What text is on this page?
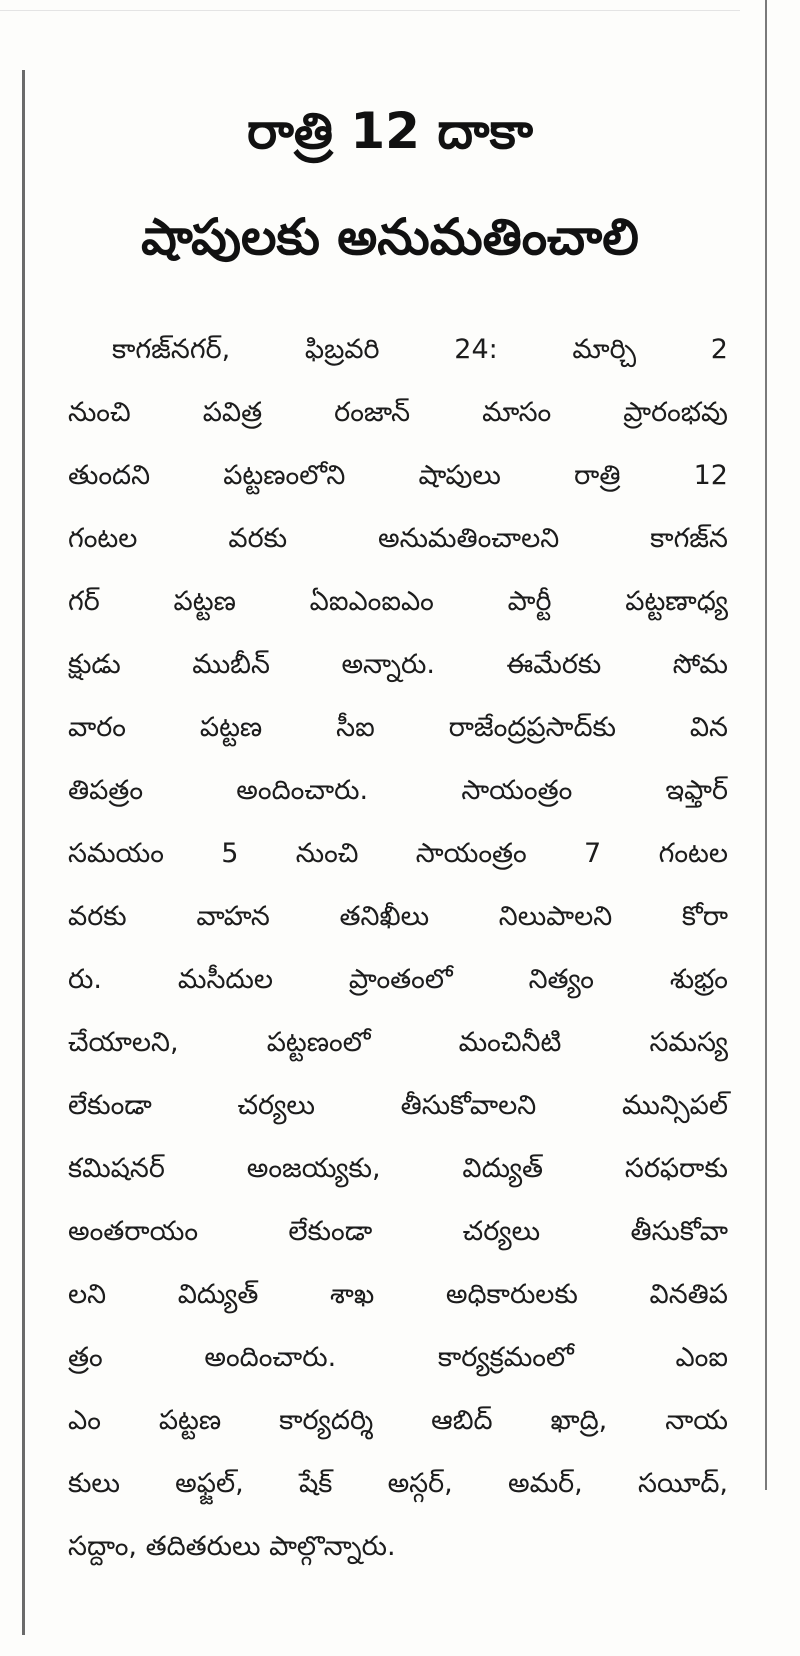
రాత్రి 12 దాకా
షాపులకు అనుమతించాలి
కాగజ్‌నగర్, ఫిబ్రవరి 24: మార్చి 2
నుంచి పవిత్ర రంజాన్ మాసం ప్రారంభవు
తుందని పట్టణంలోని షాపులు రాత్రి 12
గంటల వరకు అనుమతించాలని కాగజ్‌న
గర్ పట్టణ ఏఐఎంఐఎం పార్టీ పట్టణాధ్య
క్షుడు ముబీన్ అన్నారు. ఈమేరకు సోమ
వారం పట్టణ సీఐ రాజేంద్రప్రసాద్‌కు విన
తిపత్రం అందించారు. సాయంత్రం ఇఫ్తార్
సమయం 5 నుంచి సాయంత్రం 7 గంటల
వరకు వాహన తనిఖీలు నిలుపాలని కోరా
రు. మసీదుల ప్రాంతంలో నిత్యం శుభ్రం
చేయాలని, పట్టణంలో మంచినీటి సమస్య
లేకుండా చర్యలు తీసుకోవాలని మున్సిపల్
కమిషనర్ అంజయ్యకు, విద్యుత్ సరఫరాకు
అంతరాయం లేకుండా చర్యలు తీసుకోవా
లని విద్యుత్ శాఖ అధికారులకు వినతిప
త్రం అందించారు. కార్యక్రమంలో ఎంఐ
ఎం పట్టణ కార్యదర్శి ఆబిద్ ఖాద్రి, నాయ
కులు అఫ్జల్, షేక్ అస్గర్, అమర్, సయీద్,
సద్దాం, తదితరులు పాల్గొన్నారు.
